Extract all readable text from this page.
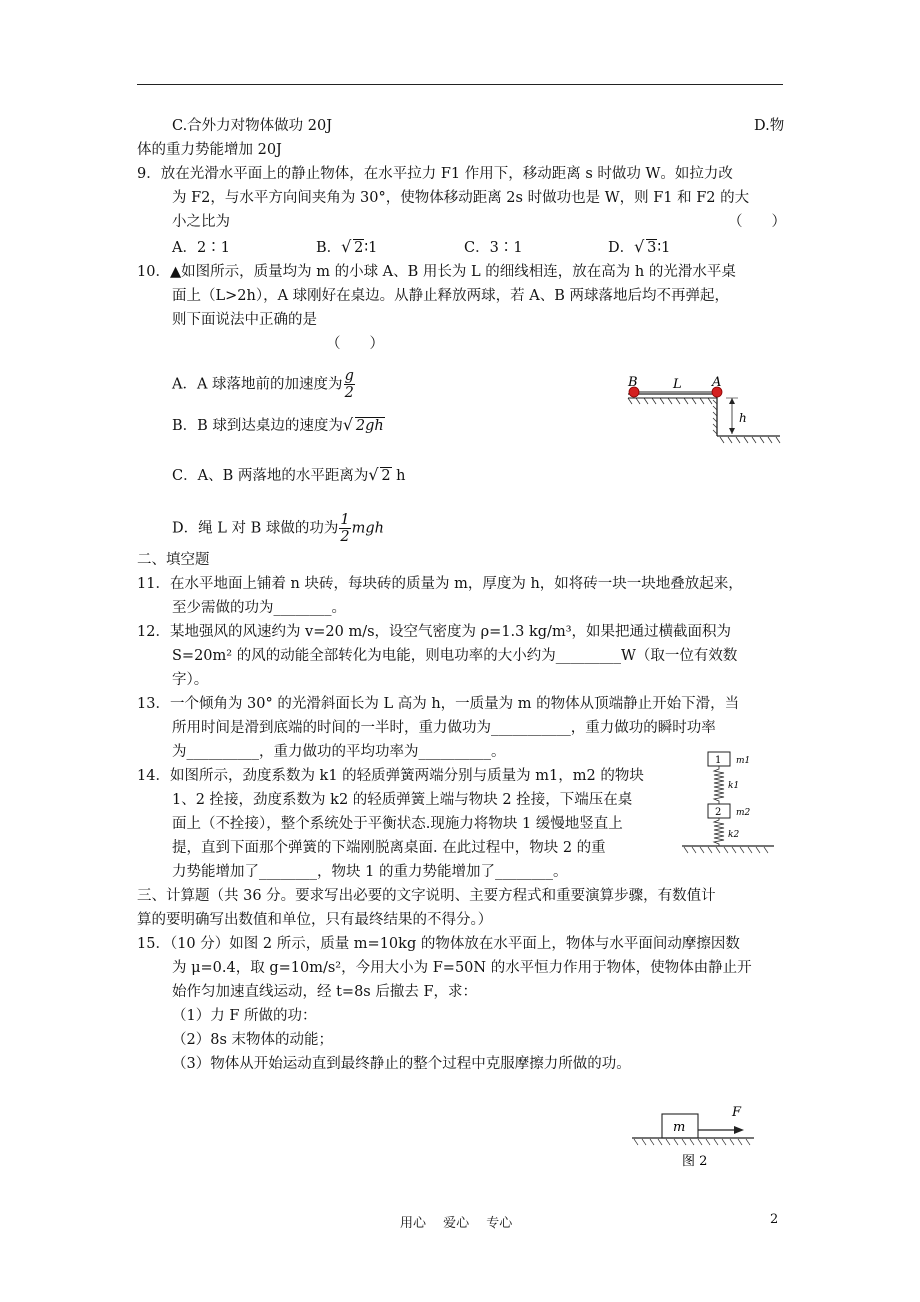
C.合外力对物体做功 20J	D.物
体的重力势能增加 20J
9．放在光滑水平面上的静止物体，在水平拉力 F1 作用下，移动距离 s 时做功 W。如拉力改
为 F2，与水平方向间夹角为 30°，使物体移动距离 2s 时做功也是 W，则 F1 和 F2 的大
小之比为	（　　）
A．2∶1	B． √ 2∶1	C．3∶1	D． √ 3∶1
10．▲如图所示，质量均为 m 的小球 A、B 用长为 L 的细线相连，放在高为 h 的光滑水平桌
面上（L>2h），A 球刚好在桌边。从静止释放两球，若 A、B 两球落地后均不再弹起，
则下面说法中正确的是
（　　）
A．A 球落地前的加速度为 $\frac{g}{2}$
B．B 球到达桌边的速度为 √ 2gh
C．A、B 两落地的水平距离为 √ 2 h
D．绳 L 对 B 球做的功为 $\frac{1}{2}$ mgh
B	L A
h
二、填空题
11．在水平地面上铺着 n 块砖，每块砖的质量为 m，厚度为 h，如将砖一块一块地叠放起来，
至少需做的功为________。
12．某地强风的风速约为 v=20 m/s，设空气密度为 ρ=1.3 kg/m³，如果把通过横截面积为
S=20m² 的风的动能全部转化为电能，则电功率的大小约为_________W（取一位有效数
字）。
13．一个倾角为 30° 的光滑斜面长为 L 高为 h，一质量为 m 的物体从顶端静止开始下滑，当
所用时间是滑到底端的时间的一半时，重力做功为___________，重力做功的瞬时功率
为__________，重力做功的平均功率为__________。
14．如图所示，劲度系数为 k1 的轻质弹簧两端分别与质量为 m1，m2 的物块
1、2 拴接，劲度系数为 k2 的轻质弹簧上端与物块 2 拴接，下端压在桌
面上（不拴接），整个系统处于平衡状态.现施力将物块 1 缓慢地竖直上
提，直到下面那个弹簧的下端刚脱离桌面. 在此过程中，物块 2 的重
力势能增加了________，物块 1 的重力势能增加了________。
1 m1
k1
2 m2
k2
三、计算题（共 36 分。要求写出必要的文字说明、主要方程式和重要演算步骤，有数值计
算的要明确写出数值和单位，只有最终结果的不得分。）
15．（10 分）如图 2 所示，质量 m=10kg 的物体放在水平面上，物体与水平面间动摩擦因数
为 μ=0.4，取 g=10m/s²，今用大小为 F=50N 的水平恒力作用于物体，使物体由静止开
始作匀加速直线运动，经 t=8s 后撤去 F，求：
（1）力 F 所做的功：
（2）8s 末物体的动能；
（3）物体从开始运动直到最终静止的整个过程中克服摩擦力所做的功。
m
F
图 2
用心　 爱心　 专心	2
